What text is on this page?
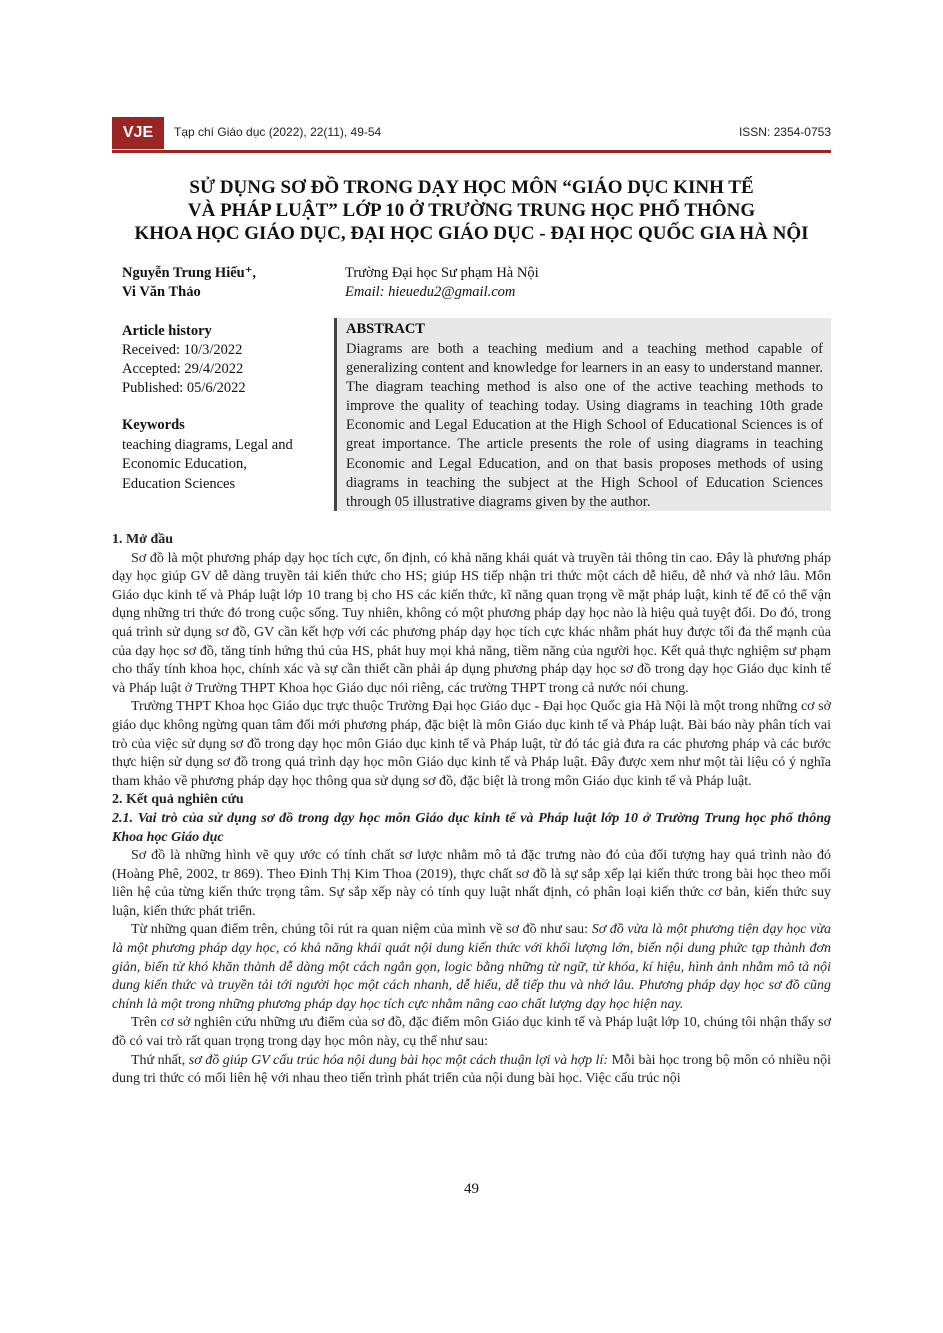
VJE	Tạp chí Giáo dục (2022), 22(11), 49-54	ISSN: 2354-0753
SỬ DỤNG SƠ ĐỒ TRONG DẠY HỌC MÔN “GIÁO DỤC KINH TẾ
VÀ PHÁP LUẬT” LỚP 10 Ở TRƯỜNG TRUNG HỌC PHỔ THÔNG
KHOA HỌC GIÁO DỤC, ĐẠI HỌC GIÁO DỤC - ĐẠI HỌC QUỐC GIA HÀ NỘI
Nguyễn Trung Hiếu⁺,
Vi Văn Thảo
Trường Đại học Sư phạm Hà Nội
Email: hieuedu2@gmail.com
Article history
Received: 10/3/2022
Accepted: 29/4/2022
Published: 05/6/2022
Keywords
teaching diagrams, Legal and
Economic Education,
Education Sciences
ABSTRACT
Diagrams are both a teaching medium and a teaching method capable of generalizing content and knowledge for learners in an easy to understand manner. The diagram teaching method is also one of the active teaching methods to improve the quality of teaching today. Using diagrams in teaching 10th grade Economic and Legal Education at the High School of Educational Sciences is of great importance. The article presents the role of using diagrams in teaching Economic and Legal Education, and on that basis proposes methods of using diagrams in teaching the subject at the High School of Education Sciences through 05 illustrative diagrams given by the author.
1. Mở đầu

Sơ đồ là một phương pháp dạy học tích cực, ổn định, có khả năng khái quát và truyền tải thông tin cao. Đây là phương pháp dạy học giúp GV dễ dàng truyền tải kiến thức cho HS; giúp HS tiếp nhận tri thức một cách dễ hiểu, dễ nhớ và nhớ lâu. Môn Giáo dục kinh tế và Pháp luật lớp 10 trang bị cho HS các kiến thức, kĩ năng quan trọng về mặt pháp luật, kinh tế để có thể vận dụng những tri thức đó trong cuộc sống. Tuy nhiên, không có một phương pháp dạy học nào là hiệu quả tuyệt đối. Do đó, trong quá trình sử dụng sơ đồ, GV cần kết hợp với các phương pháp dạy học tích cực khác nhằm phát huy được tối đa thế mạnh của của dạy học sơ đồ, tăng tính hứng thú của HS, phát huy mọi khả năng, tiềm năng của người học. Kết quả thực nghiệm sư phạm cho thấy tính khoa học, chính xác và sự cần thiết cần phải áp dụng phương pháp dạy học sơ đồ trong dạy học Giáo dục kinh tế và Pháp luật ở Trường THPT Khoa học Giáo dục nói riêng, các trường THPT trong cả nước nói chung.

Trường THPT Khoa học Giáo dục trực thuộc Trường Đại học Giáo dục - Đại học Quốc gia Hà Nội là một trong những cơ sở giáo dục không ngừng quan tâm đổi mới phương pháp, đặc biệt là môn Giáo dục kinh tế và Pháp luật. Bài báo này phân tích vai trò của việc sử dụng sơ đồ trong dạy học môn Giáo dục kinh tế và Pháp luật, từ đó tác giả đưa ra các phương pháp và các bước thực hiện sử dụng sơ đồ trong quá trình dạy học môn Giáo dục kinh tế và Pháp luật. Đây được xem như một tài liệu có ý nghĩa tham khảo về phương pháp dạy học thông qua sử dụng sơ đồ, đặc biệt là trong môn Giáo dục kinh tế và Pháp luật.

2. Kết quả nghiên cứu
2.1. Vai trò của sử dụng sơ đồ trong dạy học môn Giáo dục kinh tế và Pháp luật lớp 10 ở Trường Trung học phổ thông Khoa học Giáo dục

Sơ đồ là những hình vẽ quy ước có tính chất sơ lược nhằm mô tả đặc trưng nào đó của đối tượng hay quá trình nào đó (Hoàng Phê, 2002, tr 869). Theo Đinh Thị Kim Thoa (2019), thực chất sơ đồ là sự sắp xếp lại kiến thức trong bài học theo mối liên hệ của từng kiến thức trọng tâm. Sự sắp xếp này có tính quy luật nhất định, có phân loại kiến thức cơ bản, kiến thức suy luận, kiến thức phát triển.

Từ những quan điểm trên, chúng tôi rút ra quan niệm của mình về sơ đồ như sau: Sơ đồ vừa là một phương tiện dạy học vừa là một phương pháp dạy học, có khả năng khái quát nội dung kiến thức với khối lượng lớn, biến nội dung phức tạp thành đơn giản, biến từ khó khăn thành dễ dàng một cách ngắn gọn, logic bằng những từ ngữ, từ khóa, kí hiệu, hình ảnh nhằm mô tả nội dung kiến thức và truyền tải tới người học một cách nhanh, dễ hiểu, dễ tiếp thu và nhớ lâu. Phương pháp dạy học sơ đồ cũng chính là một trong những phương pháp dạy học tích cực nhằm nâng cao chất lượng dạy học hiện nay.

Trên cơ sở nghiên cứu những ưu điểm của sơ đồ, đặc điểm môn Giáo dục kinh tế và Pháp luật lớp 10, chúng tôi nhận thấy sơ đồ có vai trò rất quan trọng trong dạy học môn này, cụ thể như sau:

Thứ nhất, sơ đồ giúp GV cấu trúc hóa nội dung bài học một cách thuận lợi và hợp lí: Mỗi bài học trong bộ môn có nhiều nội dung tri thức có mối liên hệ với nhau theo tiến trình phát triển của nội dung bài học. Việc cấu trúc nội

49
